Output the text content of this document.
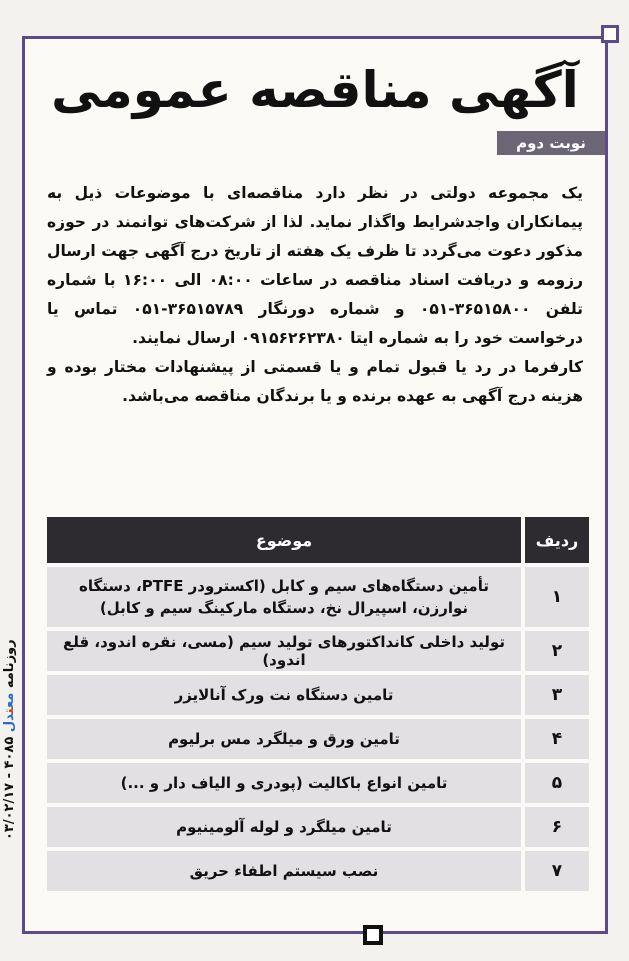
آگهی مناقصه عمومی
نوبت دوم

یک مجموعه دولتی در نظر دارد مناقصه‌ای با موضوعات ذیل به پیمانکاران واجدشرایط واگذار نماید. لذا از شرکت‌های توانمند در حوزه مذکور دعوت می‌گردد تا ظرف یک هفته از تاریخ درج آگهی جهت ارسال رزومه و دریافت اسناد مناقصه در ساعات ۰۸:۰۰ الی ۱۶:۰۰ با شماره تلفن ۳۶۵۱۵۸۰۰-۰۵۱ و شماره دورنگار ۳۶۵۱۵۷۸۹-۰۵۱ تماس یا درخواست خود را به شماره ایتا ۰۹۱۵۶۲۶۲۳۸۰ ارسال نمایند.

کارفرما در رد یا قبول تمام و یا قسمتی از پیشنهادات مختار بوده و هزینه درج آگهی به عهده برنده و یا برندگان مناقصه می‌باشد.

ردیف	موضوع
۱	تأمین دستگاه‌های سیم و کابل (اکسترودر PTFE، دستگاه نوارزن، اسپیرال نخ، دستگاه مارکینگ سیم و کابل)
۲	تولید داخلی کانداکتورهای تولید سیم (مسی، نقره اندود، قلع اندود)
۳	تامین دستگاه نت ورک آنالایزر
۴	تامین ورق و میلگرد مس برلیوم
۵	تامین انواع باکالیت (پودری و الیاف دار و ...)
۶	تامین میلگرد و لوله آلومینیوم
۷	نصب سیستم اطفاء حریق
روزنامه معتدل ۴۰۸۵ - ۰۳/۰۲/۱۷
